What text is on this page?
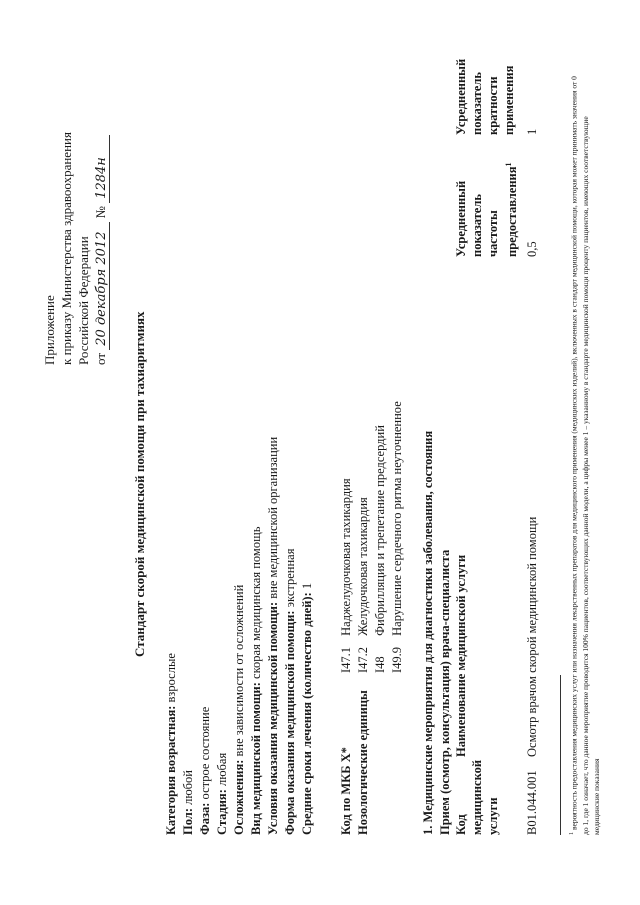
Приложение к приказу Министерства здравоохранения Российской Федерации от 20 декабря 2012 № 1284н
Стандарт скорой медицинской помощи при тахиаритмиях
Категория возрастная: взрослые
Пол: любой
Фаза: острое состояние
Стадия: любая Осложнения: вне зависимости от осложнений
Вид медицинской помощи: скорая медицинская помощь Условия оказания медицинской помощи: вне медицинской организации
Форма оказания медицинской помощи: экстренная
Средние сроки лечения (количество дней): 1
Код по МКБ X* Нозологические единицы
I47.1 Наджелудочковая тахикардия
I47.2 Желудочковая тахикардия
I48 Фибрилляция и трепетание предсердий
I49.9 Нарушение сердечного ритма неуточненное 1. Медицинские мероприятия для диагностики заболевания, состояния Прием (осмотр, консультация) врача-специалиста Код медицинской услуги
Наименование медицинской услуги
Усредненный показатель частоты предоставления$^1$
Усредненный показатель кратности применения
B01.044.001
Осмотр врачом скорой медицинской помощи
0,5
1
$^1$ вероятность предоставления медицинских услуг или назначения лекарственных препаратов для медицинского применения (медицинских изделий), включенных в стандарт медицинской помощи, которая может принимать значения от 0 до 1, где 1 означает, что данное мероприятие проводится 100% пациентов, соответствующих данной модели, а цифры менее 1 – указанному в стандарте медицинской помощи проценту пациентов, имеющих соответствующие медицинские показания
